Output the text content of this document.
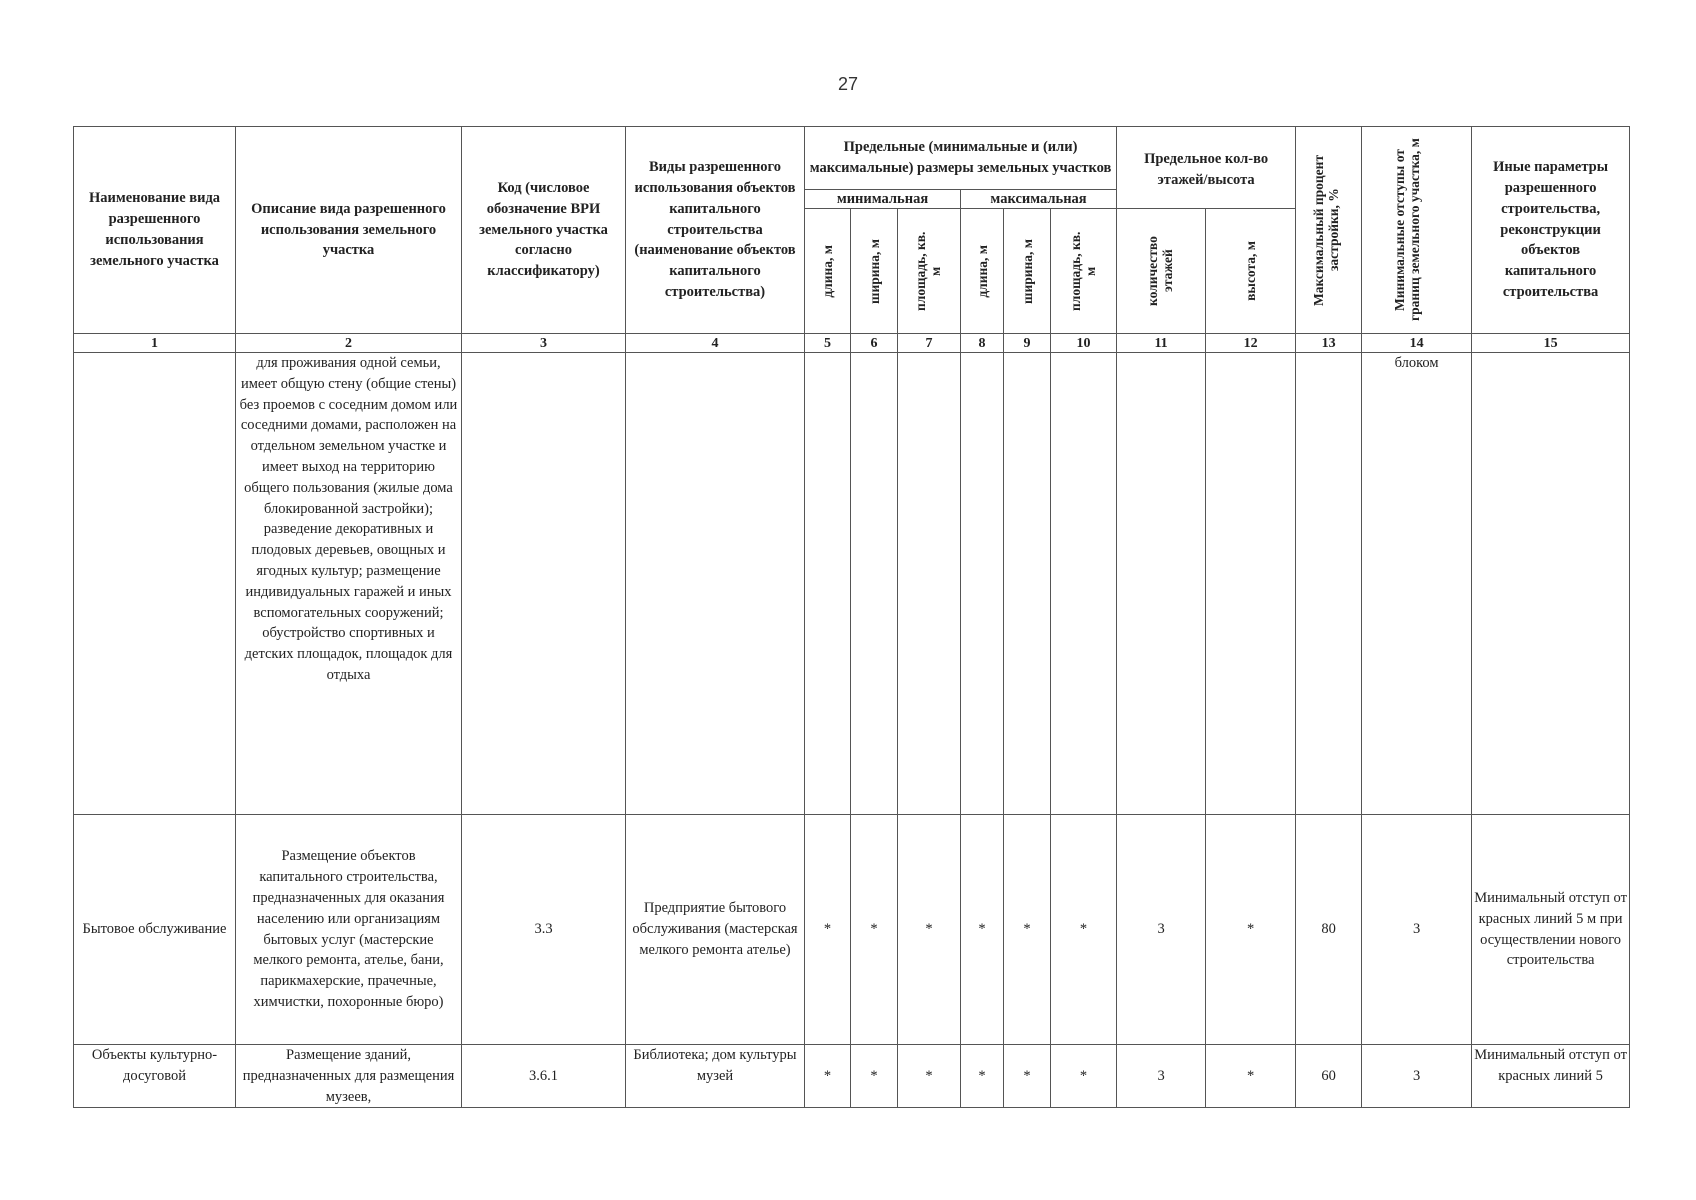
27
Наименование вида разрешенного использования земельного участка	Описание вида разрешенного использования земельного участка	Код (числовое обозначение ВРИ земельного участка согласно классификатору)	Виды разрешенного использования объектов капитального строительства (наименование объектов капитального строительства)	Предельные (минимальные и (или) максимальные) размеры земельных участков						Предельное кол-во этажей/высота		Максимальный процент застройки, %	Минимальные отступы от границ земельного участка, м	Иные параметры разрешенного строительства, реконструкции объектов капитального строительства
				минимальная			максимальная							

				длина, м	ширина, м	площадь, кв. м	длина, м	ширина, м	площадь, кв. м	количество этажей	высота, м			

1	2	3	4	5	6	7	8	9	10	11	12	13	14	15
	для проживания одной семьи, имеет общую стену (общие стены) без проемов с соседним домом или соседними домами, расположен на отдельном земельном участке и имеет выход на территорию общего пользования (жилые дома блокированной застройки); разведение декоративных и плодовых деревьев, овощных и ягодных культур; размещение индивидуальных гаражей и иных вспомогательных сооружений; обустройство спортивных и детских площадок, площадок для отдыха												блоком	
Бытовое обслуживание	Размещение объектов капитального строительства, предназначенных для оказания населению или организациям бытовых услуг (мастерские мелкого ремонта, ателье, бани, парикмахерские, прачечные, химчистки, похоронные бюро)	3.3	Предприятие бытового обслуживания (мастерская мелкого ремонта ателье)	*	*	*	*	*	*	3	*	80	3	Минимальный отступ от красных линий 5 м при осуществлении нового строительства
Объекты культурно-досуговой	Размещение зданий, предназначенных для размещения музеев,	3.6.1	Библиотека; дом культуры музей	*	*	*	*	*	*	3	*	60	3	Минимальный отступ от красных линий 5
